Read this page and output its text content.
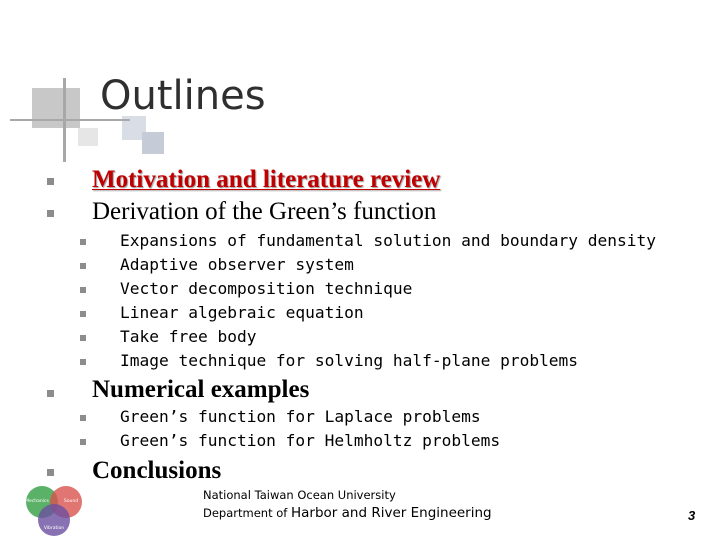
Outlines
Motivation and literature review
Derivation of the Green’s function
Expansions of fundamental solution and boundary density
Adaptive observer system
Vector decomposition technique
Linear algebraic equation
Take free body
Image technique for solving half-plane problems
Numerical examples
Green’s function for Laplace problems
Green’s function for Helmholtz problems
Conclusions
Mechanics	Sound
Vibration
National Taiwan Ocean University
Department of Harbor and River Engineering	3
